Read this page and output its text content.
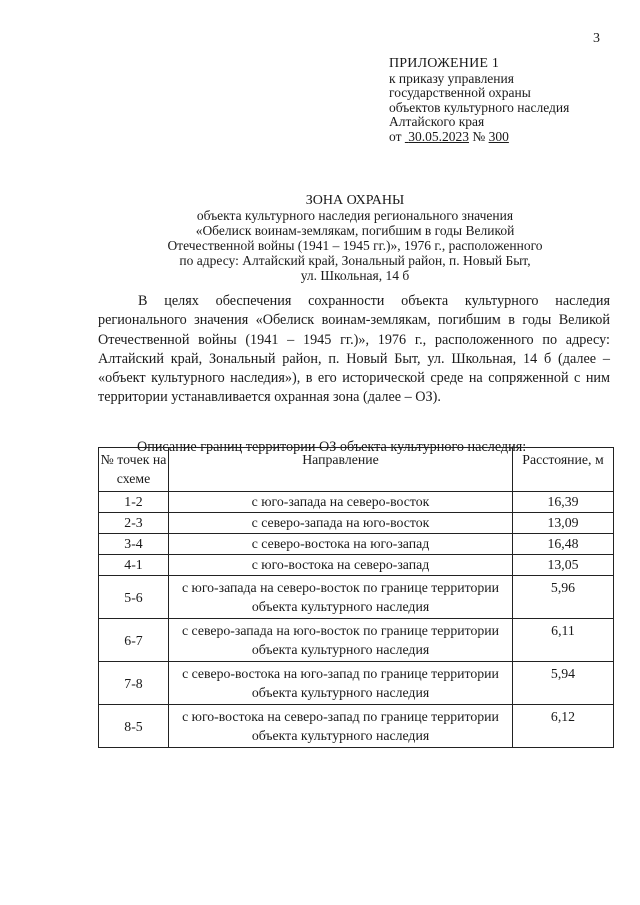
3
ПРИЛОЖЕНИЕ 1
к приказу управления
государственной охраны
объектов культурного наследия
Алтайского края
от 30.05.2023 № 300
ЗОНА ОХРАНЫ
объекта культурного наследия регионального значения
«Обелиск воинам-землякам, погибшим в годы Великой
Отечественной войны (1941 – 1945 гг.)», 1976 г., расположенного
по адресу: Алтайский край, Зональный район, п. Новый Быт,
ул. Школьная, 14 б
В целях обеспечения сохранности объекта культурного наследия регионального значения «Обелиск воинам-землякам, погибшим в годы Великой Отечественной войны (1941 – 1945 гг.)», 1976 г., расположенного по адресу: Алтайский край, Зональный район, п. Новый Быт, ул. Школьная, 14 б (далее – «объект культурного наследия»), в его исторической среде на сопряженной с ним территории устанавливается охранная зона (далее – ОЗ).
Описание границ территории ОЗ объекта культурного наследия:
№ точек на схеме	Направление	Расстояние, м
1-2	с юго-запада на северо-восток	16,39
2-3	с северо-запада на юго-восток	13,09
3-4	с северо-востока на юго-запад	16,48
4-1	с юго-востока на северо-запад	13,05
5-6	с юго-запада на северо-восток по границе территории объекта культурного наследия	5,96
6-7	с северо-запада на юго-восток по границе территории объекта культурного наследия	6,11
7-8	с северо-востока на юго-запад по границе территории объекта культурного наследия	5,94
8-5	с юго-востока на северо-запад по границе территории объекта культурного наследия	6,12
